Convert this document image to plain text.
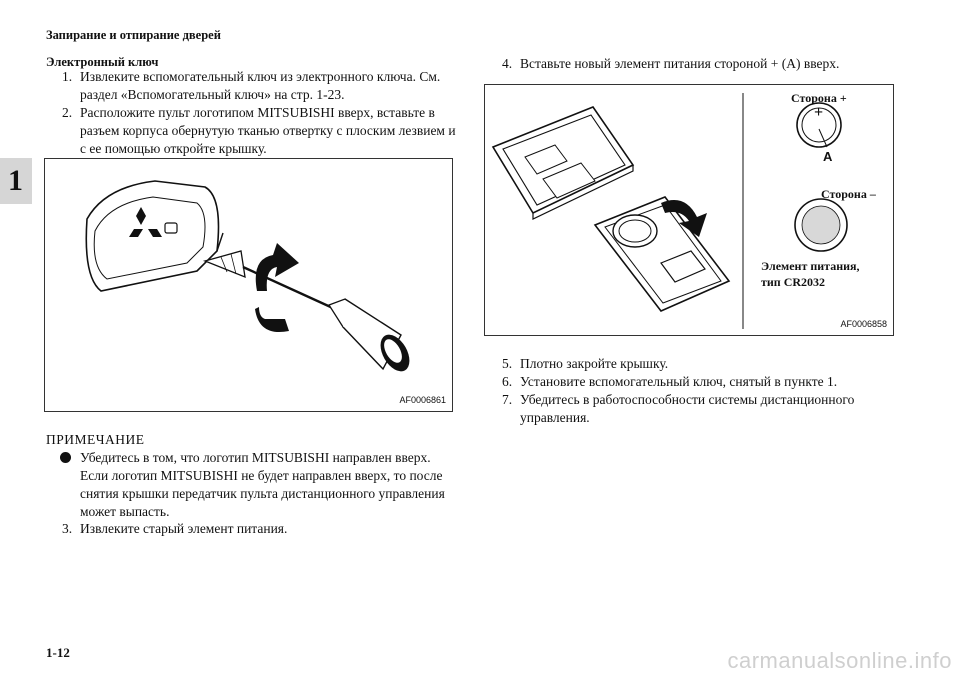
Запирание и отпирание дверей
1
Электронный ключ
1. Извлеките вспомогательный ключ из электронного ключа. См. раздел «Вспомогательный ключ» на стр. 1-23.
2. Расположите пульт логотипом MITSUBISHI вверх, вставьте в разъем корпуса обернутую тканью отвертку с плоским лезвием и с ее помощью откройте крышку.
AF0006861
ПРИМЕЧАНИЕ
Убедитесь в том, что логотип MITSUBISHI направлен вверх. Если логотип MITSUBISHI не будет направлен вверх, то после снятия крышки передатчик пульта дистанционного управления может выпасть.
3. Извлеките старый элемент питания.
4. Вставьте новый элемент питания стороной + (A) вверх.
Сторона +
+
A
Сторона –
Элемент питания,
тип CR2032
AF0006858
5. Плотно закройте крышку.
6. Установите вспомогательный ключ, снятый в пункте 1.
7. Убедитесь в работоспособности системы дистанционного управления.
1-12	carmanualsonline.info
